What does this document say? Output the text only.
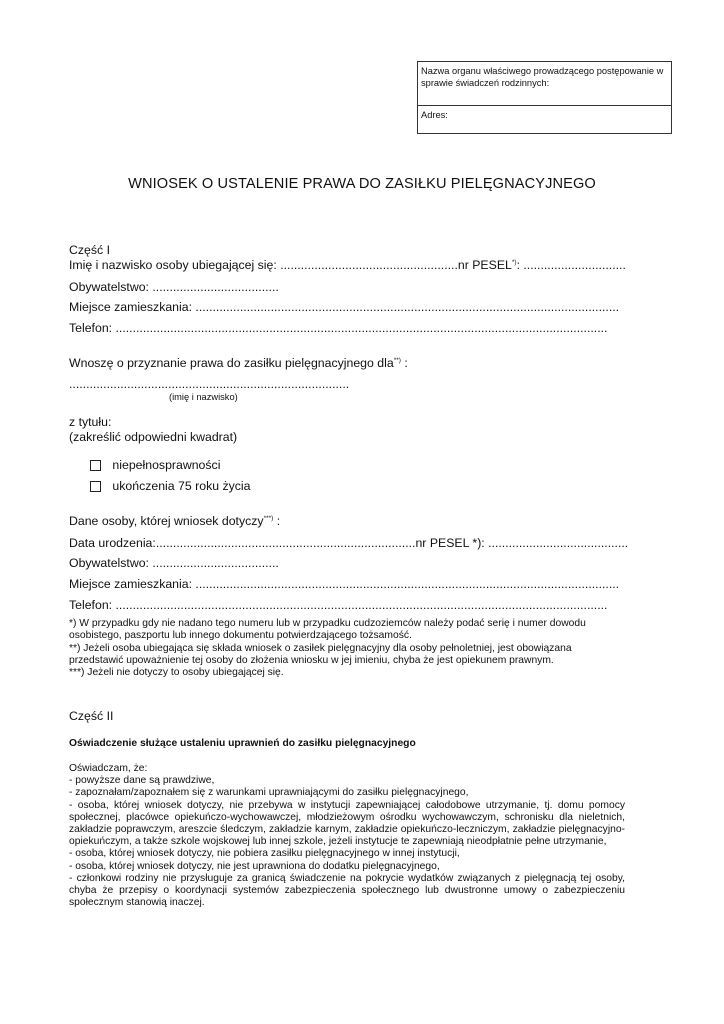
Nazwa organu właściwego prowadzącego postępowanie w sprawie świadczeń rodzinnych:
Adres:
WNIOSEK O USTALENIE PRAWA DO ZASIŁKU PIELĘGNACYJNEGO
Część I
Imię i nazwisko osoby ubiegającej się: ....................................................nr PESEL*): ..............................
Obywatelstwo: .....................................
Miejsce zamieszkania: ............................................................................................................................
Telefon: ................................................................................................................................................
Wnoszę o przyznanie prawa do zasiłku pielęgnacyjnego dla**) :
..................................................................................
(imię i nazwisko)
z tytułu:
(zakreślić odpowiedni kwadrat)
niepełnosprawności
ukończenia 75 roku życia
Dane osoby, której wniosek dotyczy***) :
Data urodzenia:............................................................................nr PESEL *): .........................................
Obywatelstwo: .....................................
Miejsce zamieszkania: ............................................................................................................................
Telefon: ................................................................................................................................................
*) W przypadku gdy nie nadano tego numeru lub w przypadku cudzoziemców należy podać serię i numer dowodu osobistego, paszportu lub innego dokumentu potwierdzającego tożsamość.
**) Jeżeli osoba ubiegająca się składa wniosek o zasiłek pielęgnacyjny dla osoby pełnoletniej, jest obowiązana przedstawić upoważnienie tej osoby do złożenia wniosku w jej imieniu, chyba że jest opiekunem prawnym.
***) Jeżeli nie dotyczy to osoby ubiegającej się.
Część II
Oświadczenie służące ustaleniu uprawnień do zasiłku pielęgnacyjnego
Oświadczam, że:
- powyższe dane są prawdziwe,
- zapoznałam/zapoznałem się z warunkami uprawniającymi do zasiłku pielęgnacyjnego,
- osoba, której wniosek dotyczy, nie przebywa w instytucji zapewniającej całodobowe utrzymanie, tj. domu pomocy społecznej, placówce opiekuńczo-wychowawczej, młodzieżowym ośrodku wychowawczym, schronisku dla nieletnich, zakładzie poprawczym, areszcie śledczym, zakładzie karnym, zakładzie opiekuńczo-leczniczym, zakładzie pielęgnacyjno-opiekuńczym, a także szkole wojskowej lub innej szkole, jeżeli instytucje te zapewniają nieodpłatnie pełne utrzymanie,
- osoba, której wniosek dotyczy, nie pobiera zasiłku pielęgnacyjnego w innej instytucji,
- osoba, której wniosek dotyczy, nie jest uprawniona do dodatku pielęgnacyjnego,
- członkowi rodziny nie przysługuje za granicą świadczenie na pokrycie wydatków związanych z pielęgnacją tej osoby, chyba że przepisy o koordynacji systemów zabezpieczenia społecznego lub dwustronne umowy o zabezpieczeniu społecznym stanowią inaczej.
